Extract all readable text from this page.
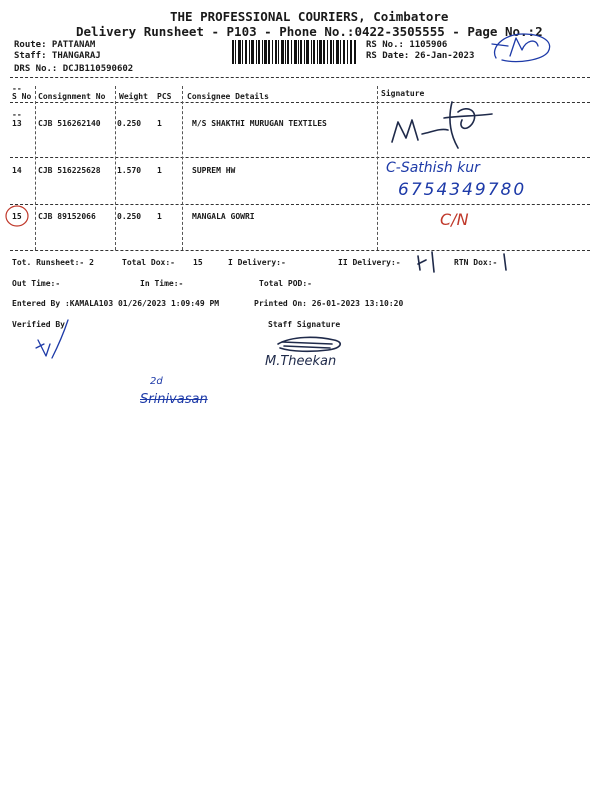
THE PROFESSIONAL COURIERS, Coimbatore
Delivery Runsheet - P103 - Phone No.:0422-3505555 - Page No.:2
Route: PATTANAM
Staff: THANGARAJ
DRS No.: DCJB110590602
RS No.: 1105906
RS Date: 26-Jan-2023
--
--
S No Consignment No Weight PCS Consignee Details	Signature
13 CJB 516262140 0.250 1	M/S SHAKTHI MURUGAN TEXTILES
14 CJB 516225628 1.570 1	SUPREM HW	C-Sathish kur
6754349780
15 CJB 89152066	0.250 1	MANGALA GOWRI	C/N
Tot. Runsheet:- 2	Total Dox:- 15	I Delivery:-	II Delivery:-	RTN Dox:-
Out Time:-	In Time:-	Total POD:-
Entered By :KAMALA103 01/26/2023 1:09:49 PM	Printed On: 26-01-2023 13:10:20
Verified By	Staff Signature
M.Theekan
2d
Srinivasan
